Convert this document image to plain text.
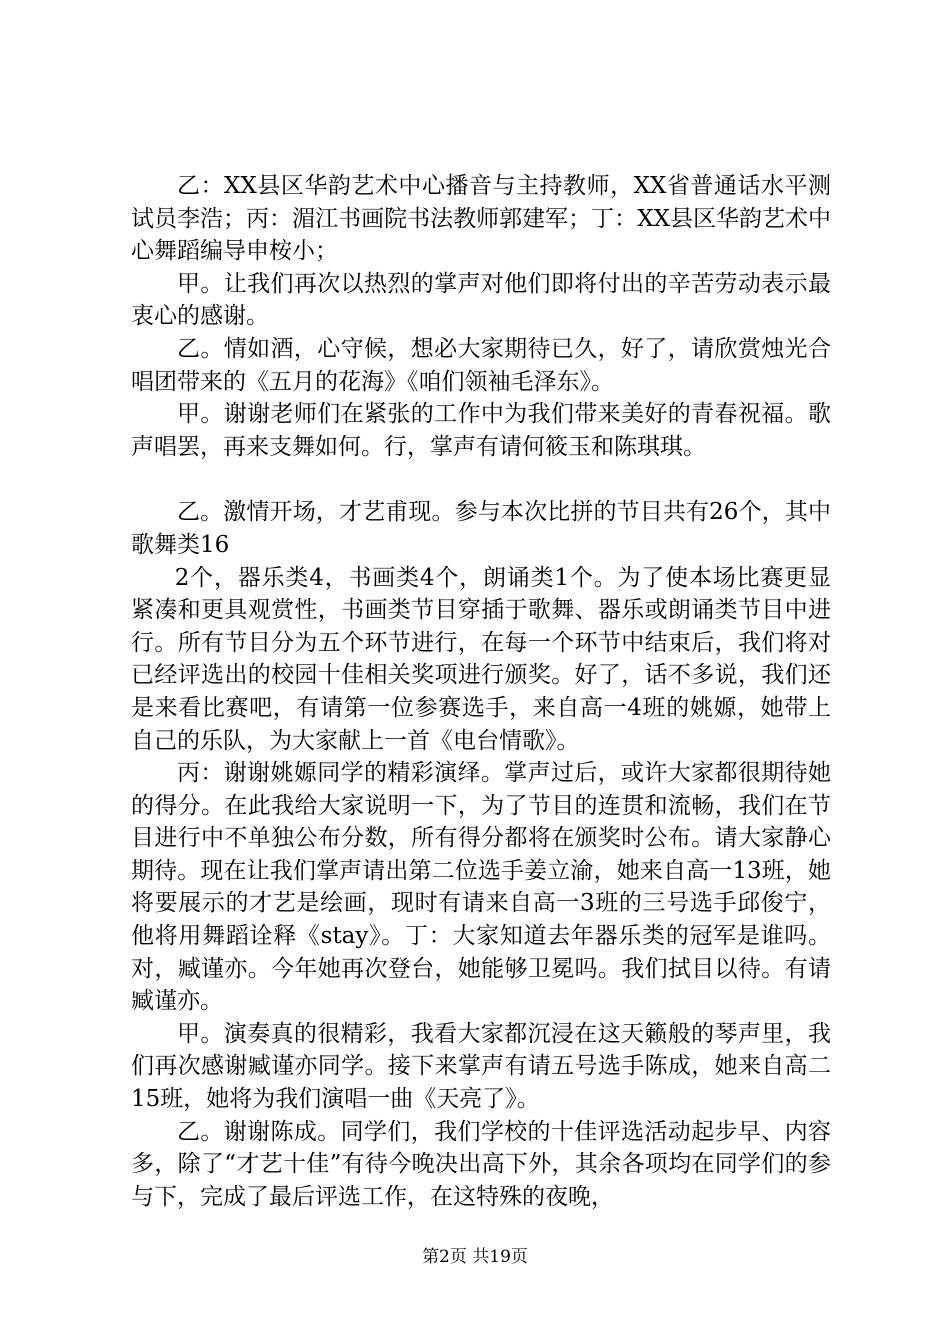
乙：XX县区华韵艺术中心播音与主持教师，XX省普通话水平测试员李浩；丙：湄江书画院书法教师郭建军；丁：XX县区华韵艺术中心舞蹈编导申桉小；

甲。让我们再次以热烈的掌声对他们即将付出的辛苦劳动表示最衷心的感谢。

乙。情如酒，心守候，想必大家期待已久，好了，请欣赏烛光合唱团带来的《五月的花海》《咱们领袖毛泽东》。

甲。谢谢老师们在紧张的工作中为我们带来美好的青春祝福。歌声唱罢，再来支舞如何。行，掌声有请何筱玉和陈琪琪。

乙。激情开场，才艺甫现。参与本次比拼的节目共有26个，其中歌舞类16

2个，器乐类4，书画类4个，朗诵类1个。为了使本场比赛更显紧凑和更具观赏性，书画类节目穿插于歌舞、器乐或朗诵类节目中进行。所有节目分为五个环节进行，在每一个环节中结束后，我们将对已经评选出的校园十佳相关奖项进行颁奖。好了，话不多说，我们还是来看比赛吧，有请第一位参赛选手，来自高一4班的姚嫄，她带上自己的乐队，为大家献上一首《电台情歌》。

丙：谢谢姚嫄同学的精彩演绎。掌声过后，或许大家都很期待她的得分。在此我给大家说明一下，为了节目的连贯和流畅，我们在节目进行中不单独公布分数，所有得分都将在颁奖时公布。请大家静心期待。现在让我们掌声请出第二位选手姜立渝，她来自高一13班，她将要展示的才艺是绘画，现时有请来自高一3班的三号选手邱俊宁，他将用舞蹈诠释《stay》。丁：大家知道去年器乐类的冠军是谁吗。对，臧谨亦。今年她再次登台，她能够卫冕吗。我们拭目以待。有请臧谨亦。

甲。演奏真的很精彩，我看大家都沉浸在这天籁般的琴声里，我们再次感谢臧谨亦同学。接下来掌声有请五号选手陈成，她来自高二15班，她将为我们演唱一曲《天亮了》。

乙。谢谢陈成。同学们，我们学校的十佳评选活动起步早、内容多，除了“才艺十佳”有待今晚决出高下外，其余各项均在同学们的参与下，完成了最后评选工作，在这特殊的夜晚，

第2页 共19页
